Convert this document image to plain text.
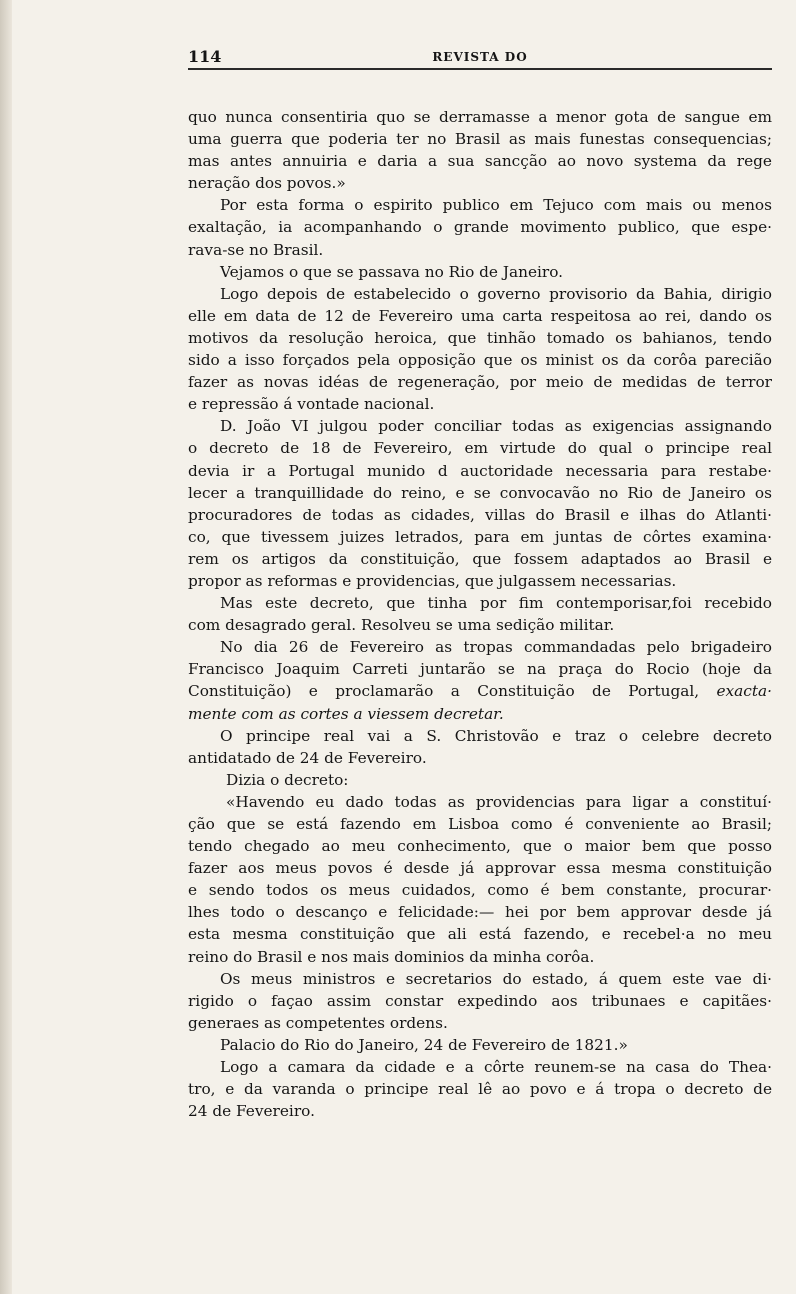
114	REVISTA DO
quo nunca consentiria quo se derramasse a menor gota de sangue em
uma guerra que poderia ter no Brasil as mais funestas consequencias;
mas antes annuiria e daria a sua sancção ao novo systema da rege
neração dos povos.»
Por esta forma o espirito publico em Tejuco com mais ou menos
exaltação, ia acompanhando o grande movimento publico, que espe·
rava-se no Brasil.
Vejamos o que se passava no Rio de Janeiro.
Logo depois de estabelecido o governo provisorio da Bahia, dirigio
elle em data de 12 de Fevereiro uma carta respeitosa ao rei, dando os
motivos da resolução heroica, que tinhão tomado os bahianos, tendo
sido a isso forçados pela opposição que os minist os da corôa parecião
fazer as novas idéas de regeneração, por meio de medidas de terror
e repressão á vontade nacional.
D. João VI julgou poder conciliar todas as exigencias assignando
o decreto de 18 de Fevereiro, em virtude do qual o principe real
devia ir a Portugal munido d auctoridade necessaria para restabe·
lecer a tranquillidade do reino, e se convocavão no Rio de Janeiro os
procuradores de todas as cidades, villas do Brasil e ilhas do Atlanti·
co, que tivessem juizes letrados, para em juntas de côrtes examina·
rem os artigos da constituição, que fossem adaptados ao Brasil e
propor as reformas e providencias, que julgassem necessarias.
Mas este decreto, que tinha por fim contemporisar,foi recebido
com desagrado geral. Resolveu se uma sedição militar.
No dia 26 de Fevereiro as tropas commandadas pelo brigadeiro
Francisco Joaquim Carreti juntarão se na praça do Rocio (hoje da
Constituição) e proclamarão a Constituição de Portugal, exacta·
mente com as cortes a viessem decretar.
O principe real vai a S. Christovão e traz o celebre decreto
antidatado de 24 de Fevereiro.
Dizia o decreto:
«Havendo eu dado todas as providencias para ligar a constituí·
ção que se está fazendo em Lisboa como é conveniente ao Brasil;
tendo chegado ao meu conhecimento, que o maior bem que posso
fazer aos meus povos é desde já approvar essa mesma constituição
e sendo todos os meus cuidados, como é bem constante, procurar·
lhes todo o descanço e felicidade:— hei por bem approvar desde já
esta mesma constituição que ali está fazendo, e recebel·a no meu
reino do Brasil e nos mais dominios da minha corôa.
Os meus ministros e secretarios do estado, á quem este vae di·
rigido o façao assim constar expedindo aos tribunaes e capitães·
generaes as competentes ordens.
Palacio do Rio do Janeiro, 24 de Fevereiro de 1821.»
Logo a camara da cidade e a côrte reunem-se na casa do Thea·
tro, e da varanda o principe real lê ao povo e á tropa o decreto de
24 de Fevereiro.
